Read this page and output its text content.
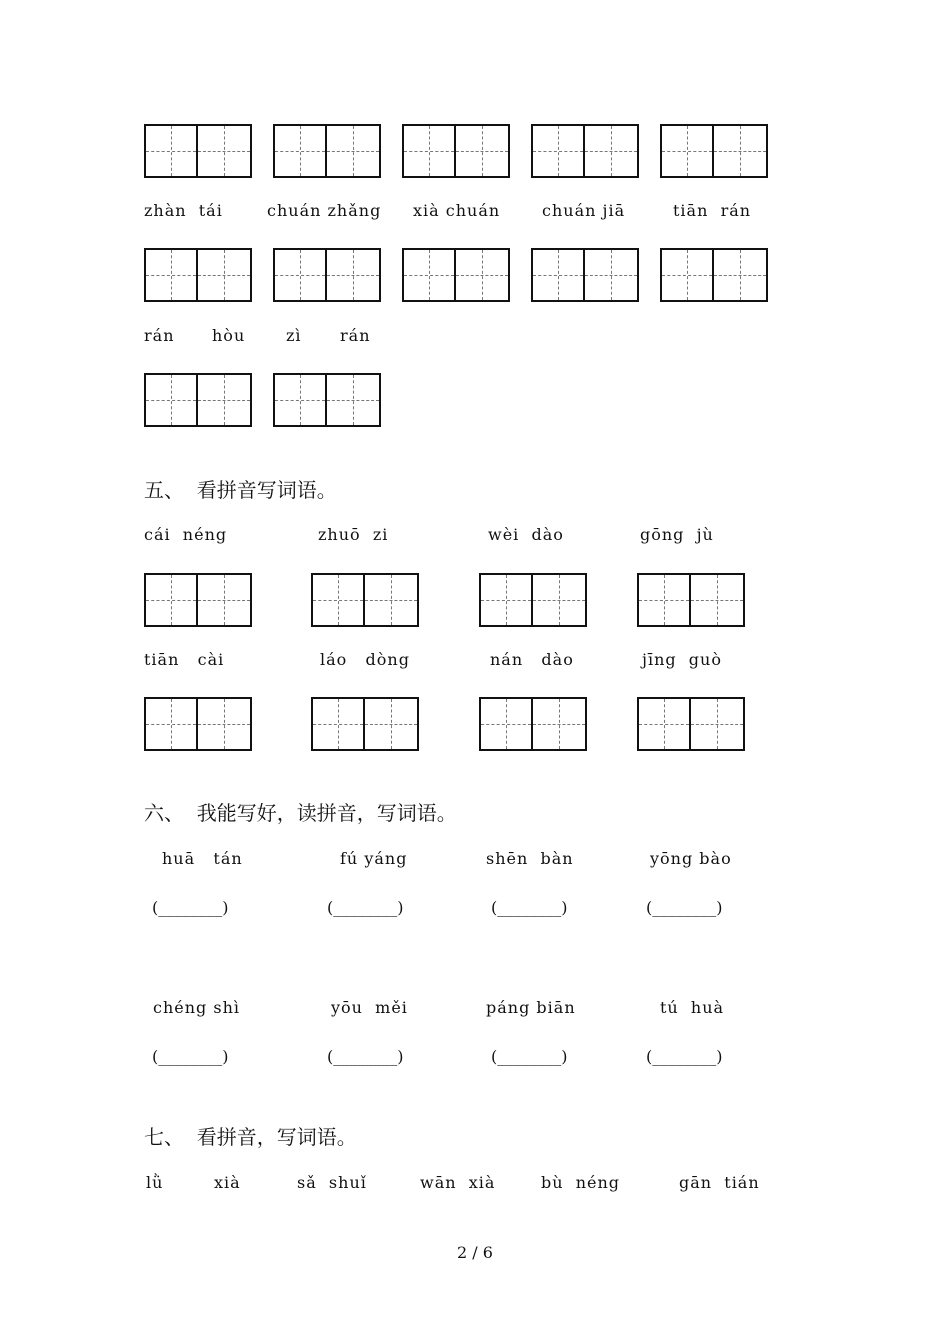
zhàn  tái	chuán zhǎng xià chuán	chuán jiā	tiān  rán
rán hòu	zì rán
五、  看拼音写词语。
cái  néng	zhuō  zi	wèi  dào	gōng  jù
tiān   cài	láo   dòng	nán   dào	jīng  guò
六、  我能写好，读拼音，写词语。
huā   tán	fú yáng	shēn  bàn	yōng bào
(________)	(________)	(________)	(________)
chéng shì	yōu  měi	páng biān	tú  huà
(________)	(________)	(________)	(________)
七、  看拼音，写词语。
lǜ	xià	sǎ  shuǐ	wān  xià	bù  néng	gān  tián
2 / 6
